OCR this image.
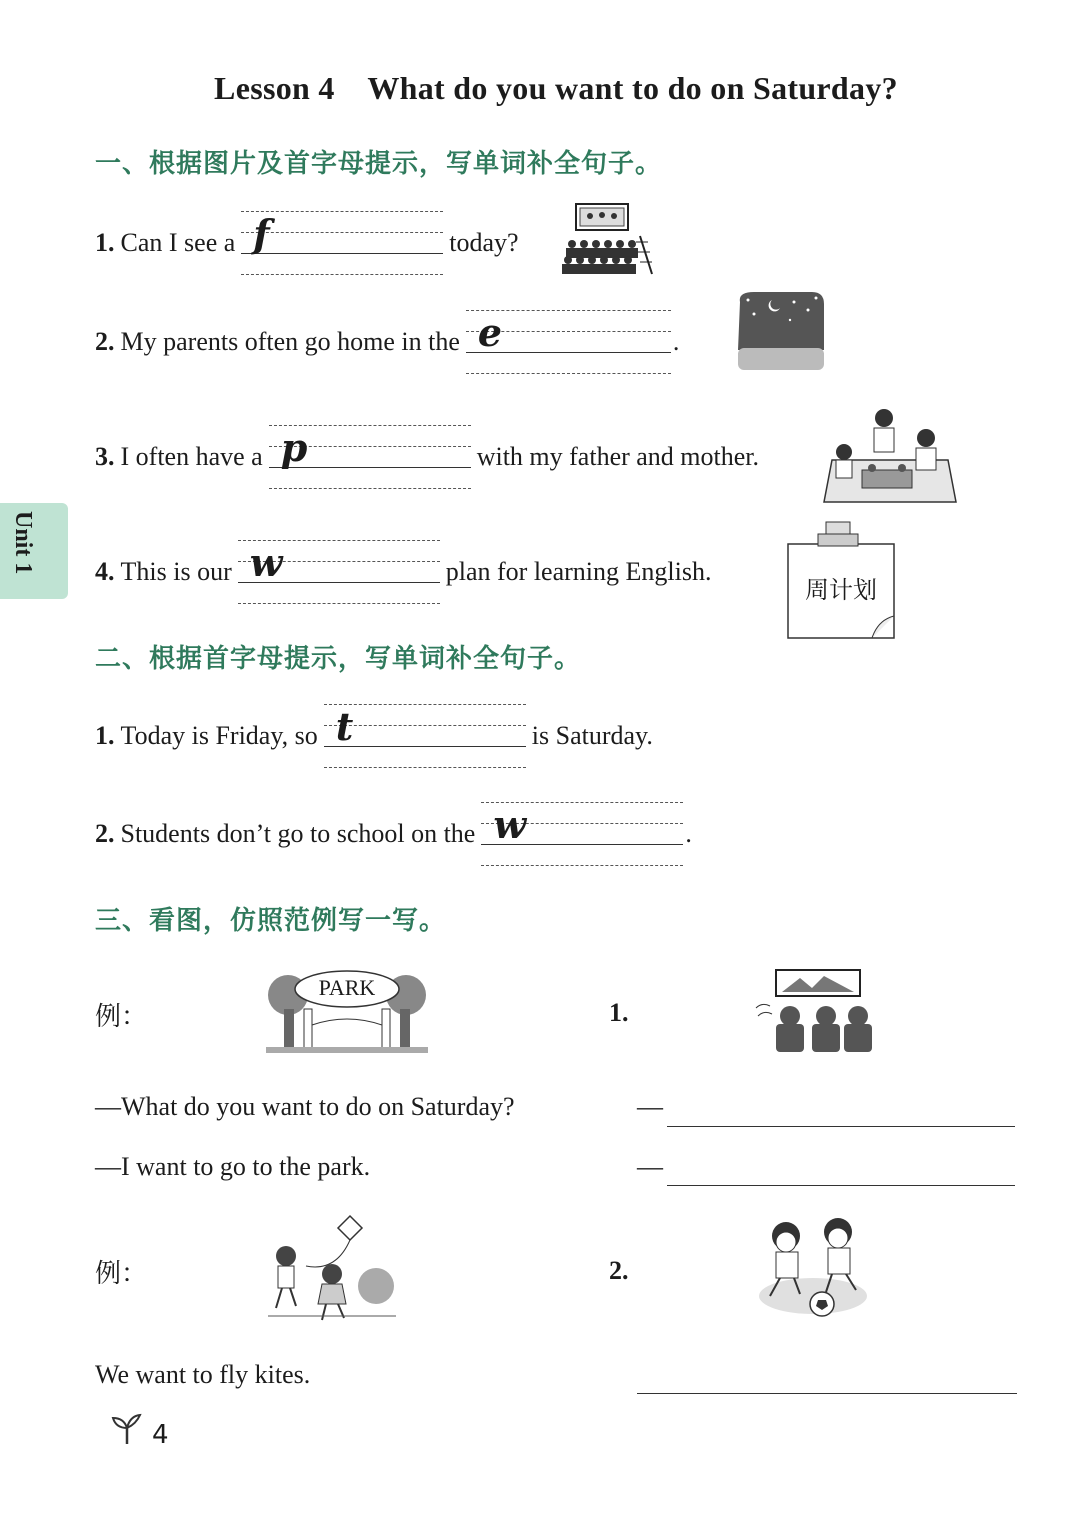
Lesson 4    What do you want to do on Saturday?
Unit 1
一、根据图片及首字母提示，写单词补全句子。
1. Can I see a f	today?
2. My parents often go home in the e	.
3. I often have a p	with my father and mother.
4. This is our w	plan for learning English.
周计划
二、根据首字母提示，写单词补全句子。
1. Today is Friday, so t	is Saturday.
2. Students don’t go to school on the w	.
三、看图，仿照范例写一写。
例：
PARK
1.
—What do you want to do on Saturday?
—I want to go to the park.
—
—
例：	2.
We want to fly kites.
4
